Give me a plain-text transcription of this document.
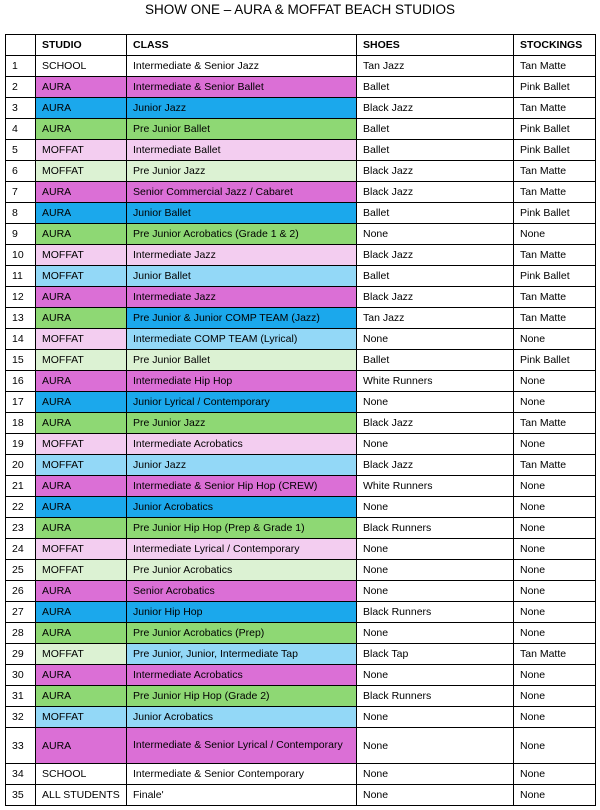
SHOW ONE – AURA & MOFFAT BEACH STUDIOS
	STUDIO	CLASS	SHOES	STOCKINGS
1	SCHOOL	Intermediate & Senior Jazz	Tan Jazz	Tan Matte
2	AURA	Intermediate & Senior Ballet	Ballet	Pink Ballet
3	AURA	Junior Jazz	Black Jazz	Tan Matte
4	AURA	Pre Junior Ballet	Ballet	Pink Ballet
5	MOFFAT	Intermediate Ballet	Ballet	Pink Ballet
6	MOFFAT	Pre Junior Jazz	Black Jazz	Tan Matte
7	AURA	Senior Commercial Jazz / Cabaret	Black Jazz	Tan Matte
8	AURA	Junior Ballet	Ballet	Pink Ballet
9	AURA	Pre Junior Acrobatics (Grade 1 & 2)	None	None
10	MOFFAT	Intermediate Jazz	Black Jazz	Tan Matte
11	MOFFAT	Junior Ballet	Ballet	Pink Ballet
12	AURA	Intermediate Jazz	Black Jazz	Tan Matte
13	AURA	Pre Junior & Junior COMP TEAM (Jazz)	Tan Jazz	Tan Matte
14	MOFFAT	Intermediate COMP TEAM (Lyrical)	None	None
15	MOFFAT	Pre Junior Ballet	Ballet	Pink Ballet
16	AURA	Intermediate Hip Hop	White Runners	None
17	AURA	Junior Lyrical / Contemporary	None	None
18	AURA	Pre Junior Jazz	Black Jazz	Tan Matte
19	MOFFAT	Intermediate Acrobatics	None	None
20	MOFFAT	Junior Jazz	Black Jazz	Tan Matte
21	AURA	Intermediate & Senior Hip Hop (CREW)	White Runners	None
22	AURA	Junior Acrobatics	None	None
23	AURA	Pre Junior Hip Hop (Prep & Grade 1)	Black Runners	None
24	MOFFAT	Intermediate Lyrical / Contemporary	None	None
25	MOFFAT	Pre Junior Acrobatics	None	None
26	AURA	Senior Acrobatics	None	None
27	AURA	Junior Hip Hop	Black Runners	None
28	AURA	Pre Junior Acrobatics (Prep)	None	None
29	MOFFAT	Pre Junior, Junior, Intermediate Tap	Black Tap	Tan Matte
30	AURA	Intermediate Acrobatics	None	None
31	AURA	Pre Junior Hip Hop (Grade 2)	Black Runners	None
32	MOFFAT	Junior Acrobatics	None	None
33	AURA	Intermediate & Senior Lyrical / Contemporary	None	None
34	SCHOOL	Intermediate & Senior Contemporary	None	None
35	ALL STUDENTS	Finale'	None	None
